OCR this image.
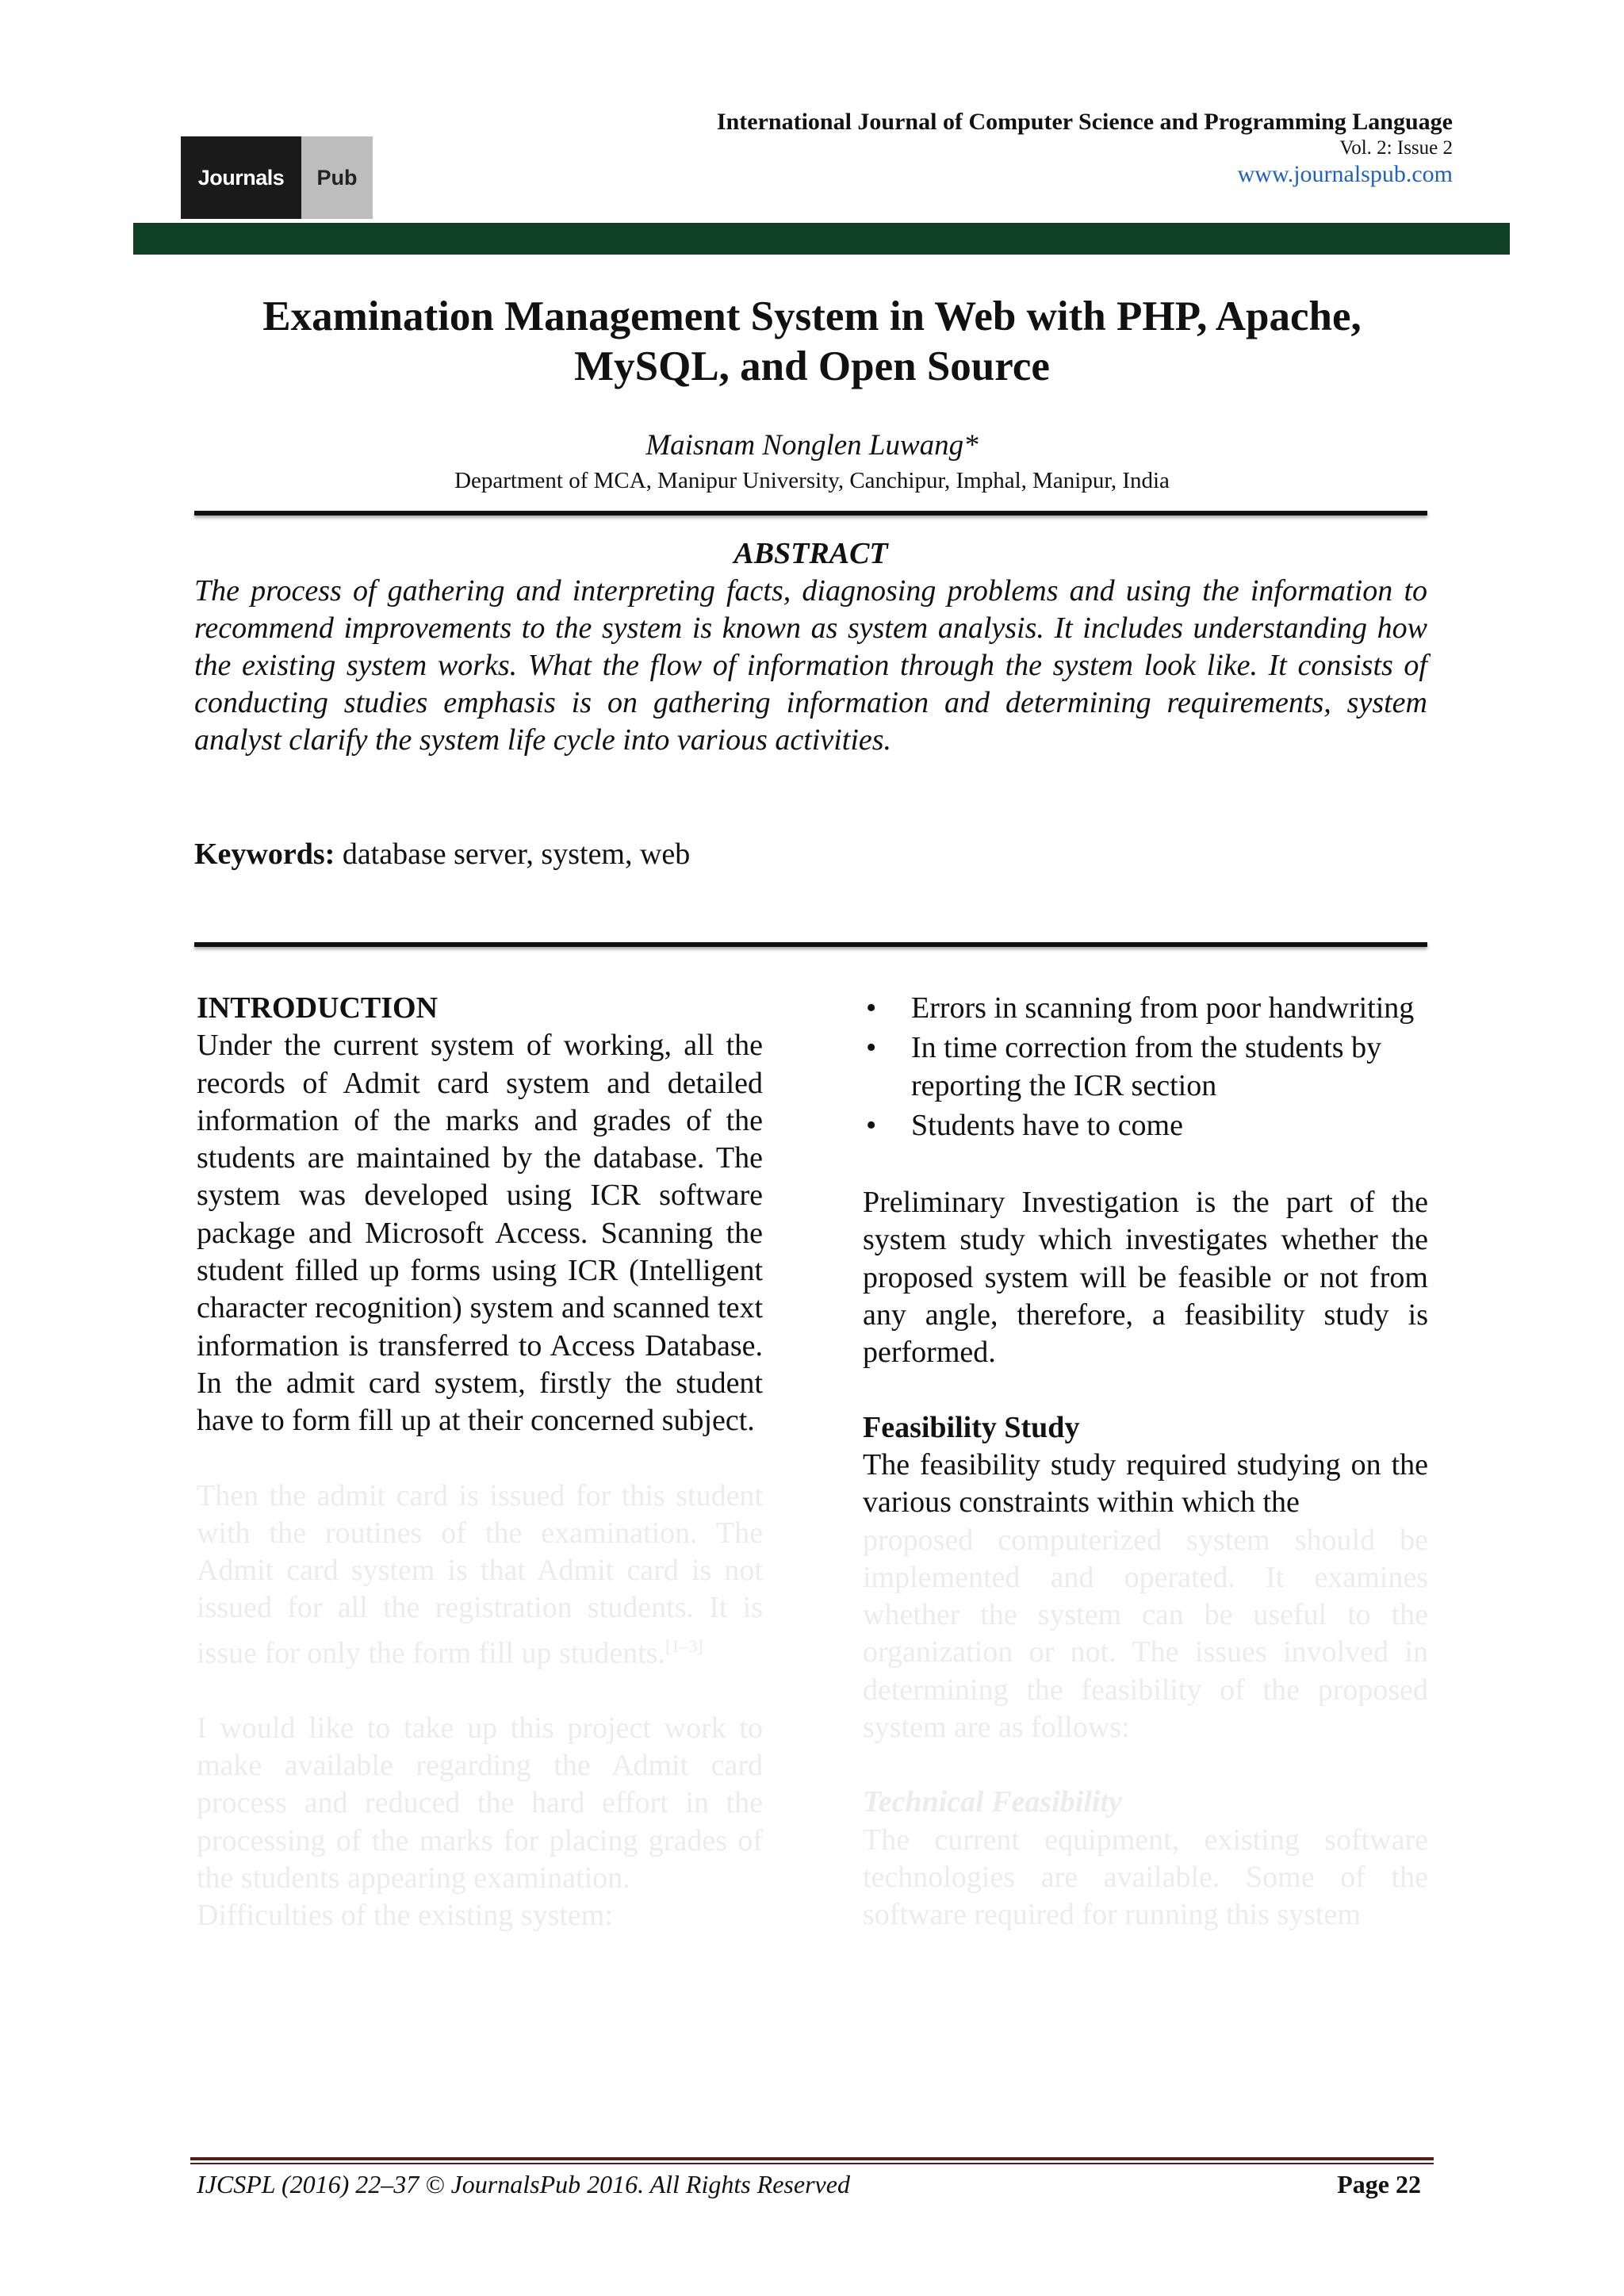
Journals	Pub
International Journal of Computer Science and Programming Language
Vol. 2: Issue 2
www.journalspub.com
Examination Management System in Web with PHP, Apache,
MySQL, and Open Source
Maisnam Nonglen Luwang*
Department of MCA, Manipur University, Canchipur, Imphal, Manipur, India
ABSTRACT

The process of gathering and interpreting facts, diagnosing problems and using the information to recommend improvements to the system is known as system analysis. It includes understanding how the existing system works. What the flow of information through the system look like. It consists of conducting studies emphasis is on gathering information and determining requirements, system analyst clarify the system life cycle into various activities.

Keywords: database server, system, web

INTRODUCTION

Under the current system of working, all the records of Admit card system and detailed information of the marks and grades of the students are maintained by the database. The system was developed using ICR software package and Microsoft Access. Scanning the student filled up forms using ICR (Intelligent character recognition) system and scanned text information is transferred to Access Database. In the admit card system, firstly the student have to form fill up at their concerned subject.

Then the admit card is issued for this student with the routines of the examination. The Admit card system is that Admit card is not issued for all the registration students. It is issue for only the form fill up students.[1–3]

I would like to take up this project work to make available regarding the Admit card process and reduced the hard effort in the processing of the marks for placing grades of the students appearing examination.

Difficulties of the existing system:

• Errors in scanning from poor handwriting
• In time correction from the students by reporting the ICR section
• Students have to come

Preliminary Investigation is the part of the system study which investigates whether the proposed system will be feasible or not from any angle, therefore, a feasibility study is performed.

Feasibility Study

The feasibility study required studying on the various constraints within which the

proposed computerized system should be implemented and operated. It examines whether the system can be useful to the organization or not. The issues involved in determining the feasibility of the proposed system are as follows:

Technical Feasibility

The current equipment, existing software technologies are available. Some of the software required for running this system

IJCSPL (2016) 22–37 © JournalsPub 2016. All Rights Reserved	Page 22
